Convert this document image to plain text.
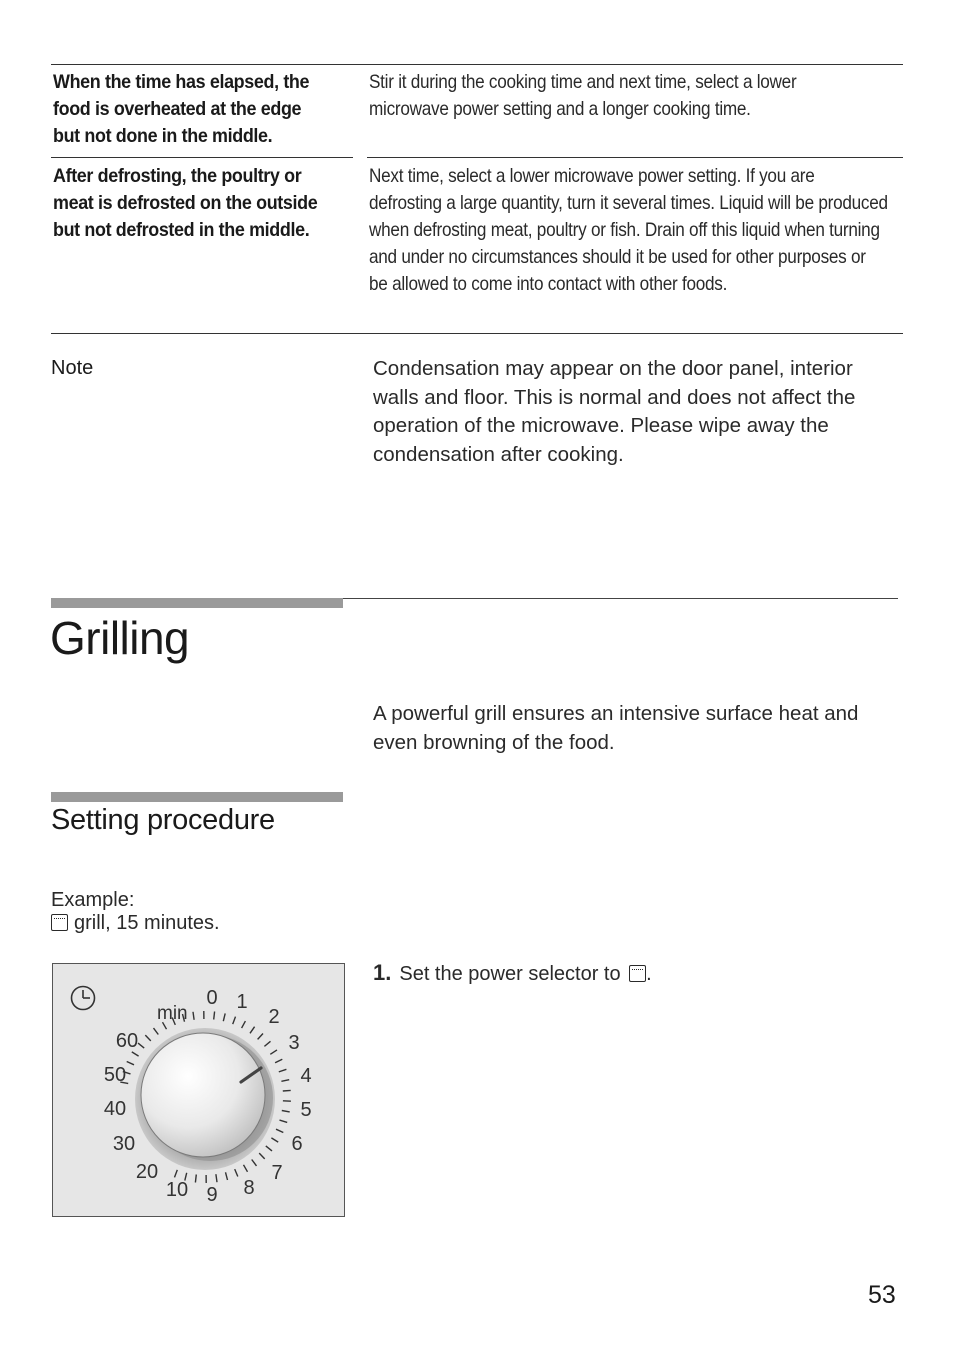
When the time has elapsed, the food is overheated at the edge but not done in the middle.
Stir it during the cooking time and next time, select a lower microwave power setting and a longer cooking time.
After defrosting, the poultry or meat is defrosted on the outside but not defrosted in the middle.
Next time, select a lower microwave power setting. If you are defrosting a large quantity, turn it several times. Liquid will be produced when defrosting meat, poultry or fish. Drain off this liquid when turning and under no circumstances should it be used for other purposes or be allowed to come into contact with other foods.
Note	Condensation may appear on the door panel, interior walls and floor. This is normal and does not affect the operation of the microwave. Please wipe away the condensation after cooking.
Grilling
A powerful grill ensures an intensive surface heat and even browning of the food.
Setting procedure
Example:
grill, 15 minutes.
min
0 1
2
3
4
5
6
7
8
9
10
20
30
40
50
60
1. Set the power selector to .
53
